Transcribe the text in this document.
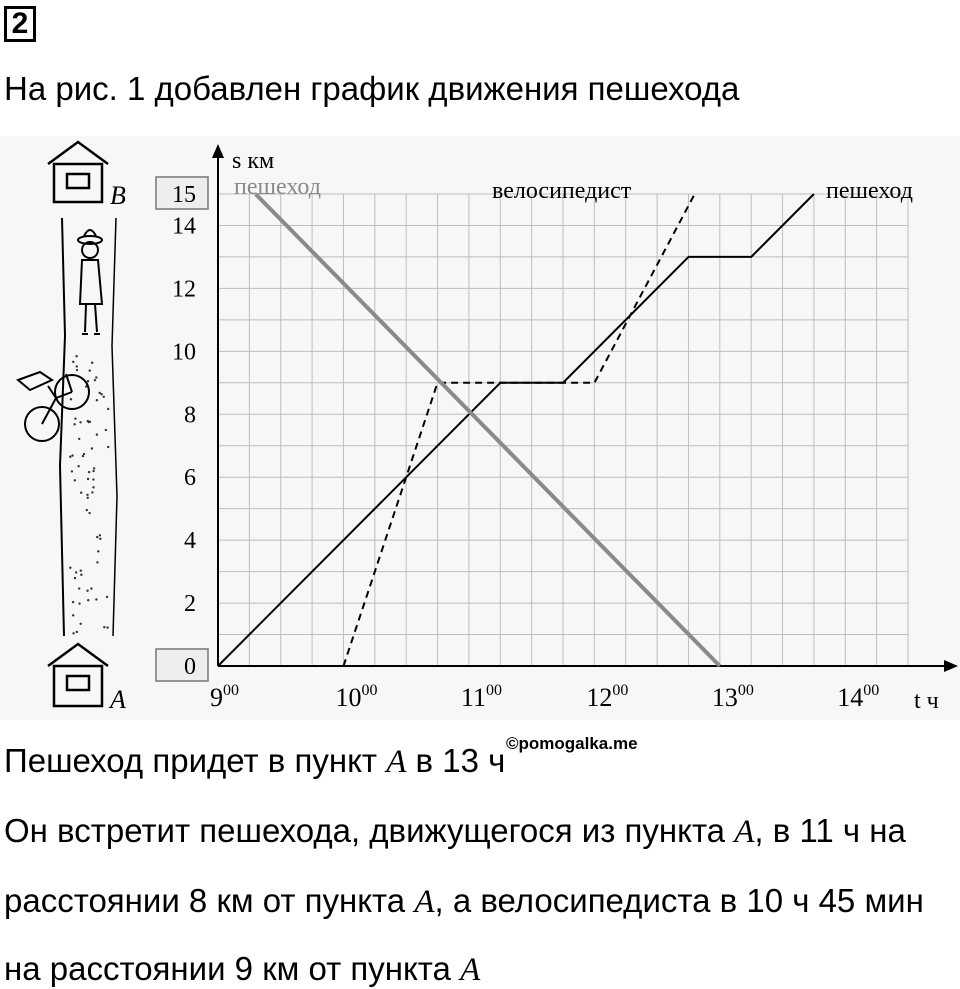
2
На рис. 1 добавлен график движения пешехода
B
A	$9^{00}$	$10^{00}$	$11^{00}$	$12^{00}$	$13^{00}$	$14^{00}$
0
2
4
6
8
10
12
14
15	пешеход
велосипедист
пешеход
s км
t ч
Пешеход придет в пункт A в 13 ч ©pomogalka.me
Он встретит пешехода, движущегося из пункта A, в 11 ч на
расстоянии 8 км от пункта A, а велосипедиста в 10 ч 45 мин
на расстоянии 9 км от пункта A
